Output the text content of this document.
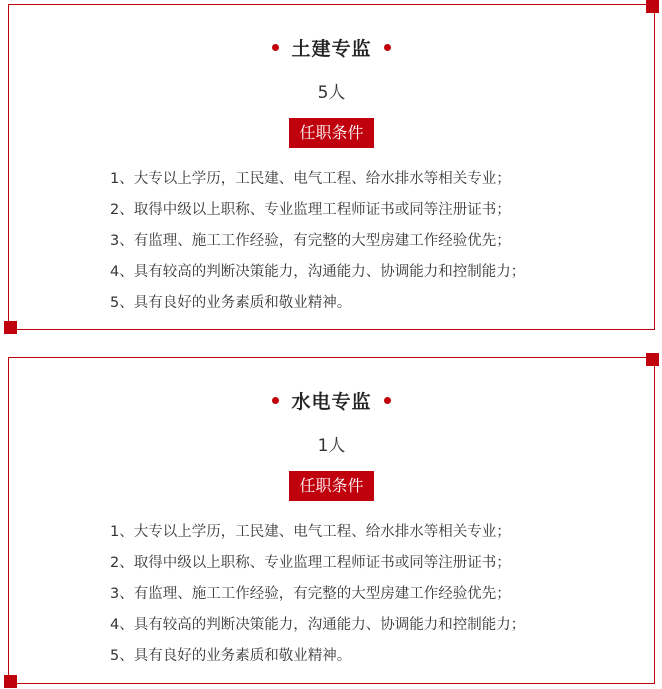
土建专监
5人
任职条件
1、大专以上学历，工民建、电气工程、给水排水等相关专业；
2、取得中级以上职称、专业监理工程师证书或同等注册证书；
3、有监理、施工工作经验，有完整的大型房建工作经验优先；
4、具有较高的判断决策能力，沟通能力、协调能力和控制能力；
5、具有良好的业务素质和敬业精神。
水电专监
1人
任职条件
1、大专以上学历，工民建、电气工程、给水排水等相关专业；
2、取得中级以上职称、专业监理工程师证书或同等注册证书；
3、有监理、施工工作经验，有完整的大型房建工作经验优先；
4、具有较高的判断决策能力，沟通能力、协调能力和控制能力；
5、具有良好的业务素质和敬业精神。
